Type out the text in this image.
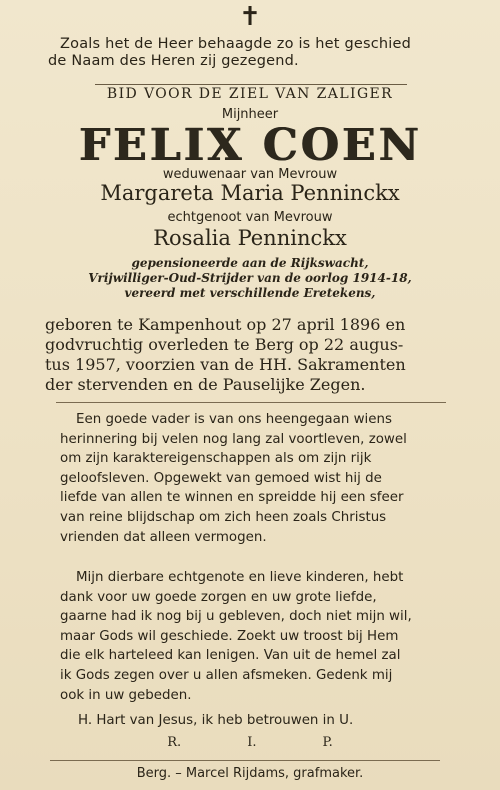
✝
Zoals het de Heer behaagde zo is het geschied
de Naam des Heren zij gezegend.
BID VOOR DE ZIEL VAN ZALIGER
Mijnheer
FELIX COEN
weduwenaar van Mevrouw
Margareta Maria Penninckx
echtgenoot van Mevrouw
Rosalia Penninckx
gepensioneerde aan de Rijkswacht,
Vrijwilliger-Oud-Strijder van de oorlog 1914-18,
vereerd met verschillende Eretekens,
geboren te Kampenhout op 27 april 1896 en
godvruchtig overleden te Berg op 22 augus-
tus 1957, voorzien van de HH. Sakramenten
der stervenden en de Pauselijke Zegen.
Een goede vader is van ons heengegaan wiens
herinnering bij velen nog lang zal voortleven, zowel
om zijn karaktereigenschappen als om zijn rijk
geloofsleven. Opgewekt van gemoed wist hij de
liefde van allen te winnen en spreidde hij een sfeer
van reine blijdschap om zich heen zoals Christus
vrienden dat alleen vermogen.
Mijn dierbare echtgenote en lieve kinderen, hebt
dank voor uw goede zorgen en uw grote liefde,
gaarne had ik nog bij u gebleven, doch niet mijn wil,
maar Gods wil geschiede. Zoekt uw troost bij Hem
die elk harteleed kan lenigen. Van uit de hemel zal
ik Gods zegen over u allen afsmeken. Gedenk mij
ook in uw gebeden.
H. Hart van Jesus, ik heb betrouwen in U.
R.	I.	P.
Berg. – Marcel Rijdams, grafmaker.
